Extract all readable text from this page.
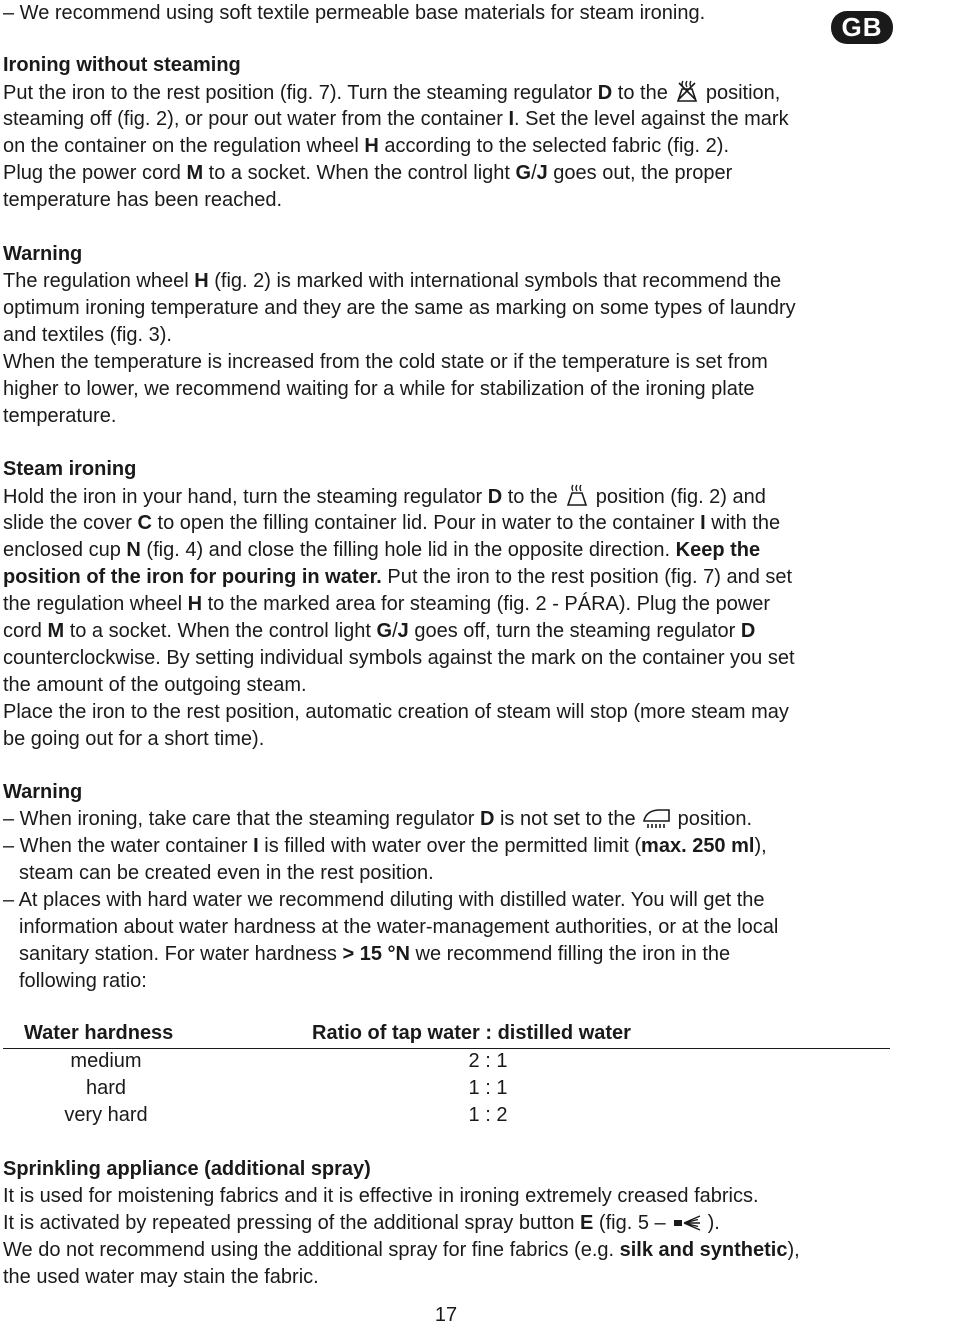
GB
– We recommend using soft textile permeable base materials for steam ironing.
Ironing without steaming
Put the iron to the rest position (fig. 7). Turn the steaming regulator D to the position,
steaming off (fig. 2), or pour out water from the container I. Set the level against the mark
on the container on the regulation wheel H according to the selected fabric (fig. 2).
Plug the power cord M to a socket. When the control light G/J goes out, the proper
temperature has been reached.
Warning
The regulation wheel H (fig. 2) is marked with international symbols that recommend the
optimum ironing temperature and they are the same as marking on some types of laundry
and textiles (fig. 3).
When the temperature is increased from the cold state or if the temperature is set from
higher to lower, we recommend waiting for a while for stabilization of the ironing plate
temperature.
Steam ironing
Hold the iron in your hand, turn the steaming regulator D to the position (fig. 2) and
slide the cover C to open the filling container lid. Pour in water to the container I with the
enclosed cup N (fig. 4) and close the filling hole lid in the opposite direction. Keep the
position of the iron for pouring in water. Put the iron to the rest position (fig. 7) and set
the regulation wheel H to the marked area for steaming (fig. 2 - PÁRA). Plug the power
cord M to a socket. When the control light G/J goes off, turn the steaming regulator D
counterclockwise. By setting individual symbols against the mark on the container you set
the amount of the outgoing steam.
Place the iron to the rest position, automatic creation of steam will stop (more steam may
be going out for a short time).
Warning
– When ironing, take care that the steaming regulator D is not set to the position.
– When the water container I is filled with water over the permitted limit (max. 250 ml),
steam can be created even in the rest position.
– At places with hard water we recommend diluting with distilled water. You will get the
information about water hardness at the water-management authorities, or at the local
sanitary station. For water hardness > 15 °N we recommend filling the iron in the
following ratio:
Water hardness	Ratio of tap water : distilled water
medium	2 : 1
hard	1 : 1
very hard	1 : 2
Sprinkling appliance (additional spray)
It is used for moistening fabrics and it is effective in ironing extremely creased fabrics.
It is activated by repeated pressing of the additional spray button E (fig. 5 – ).
We do not recommend using the additional spray for fine fabrics (e.g. silk and synthetic),
the used water may stain the fabric.
17
